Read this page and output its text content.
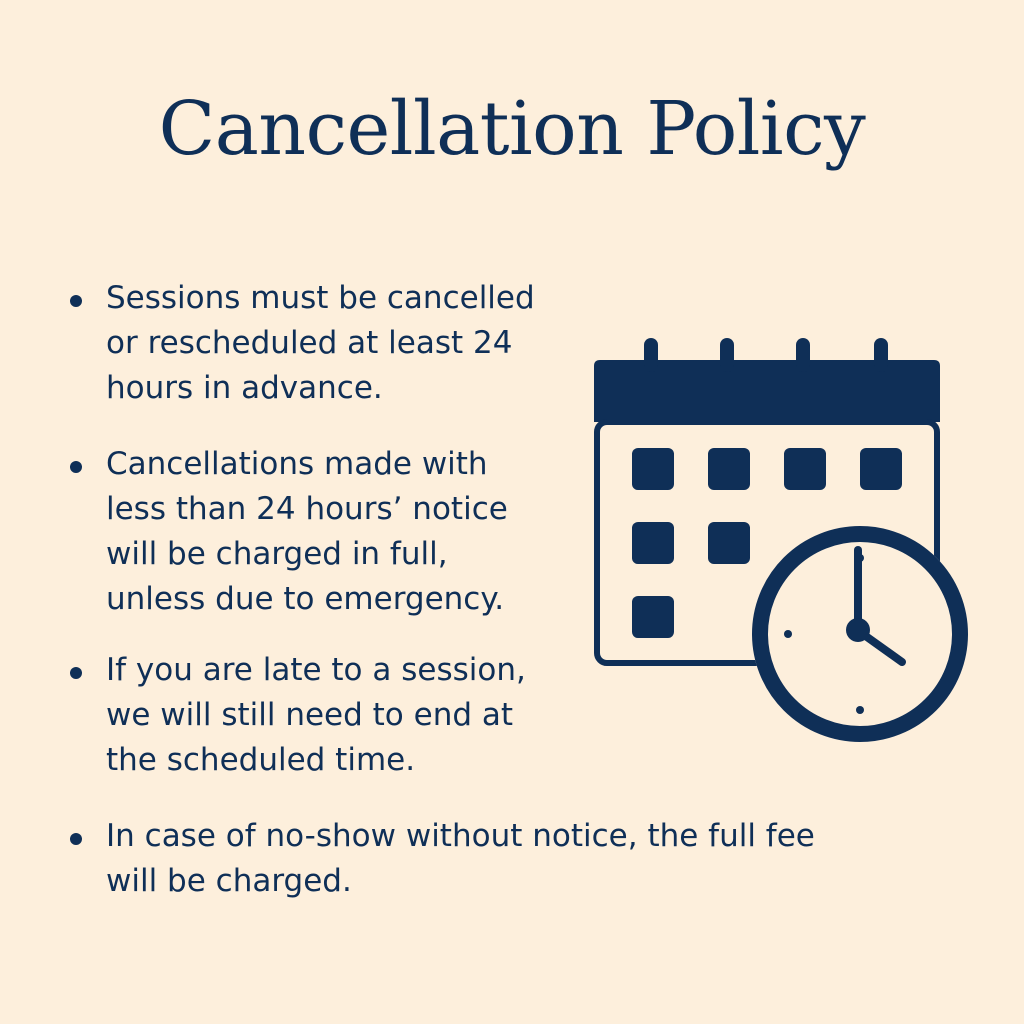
Cancellation Policy
Sessions must be cancelled
or rescheduled at least 24
hours in advance.
Cancellations made with
less than 24 hours’ notice
will be charged in full,
unless due to emergency.
If you are late to a session,
we will still need to end at
the scheduled time.
In case of no-show without notice, the full fee
will be charged.
